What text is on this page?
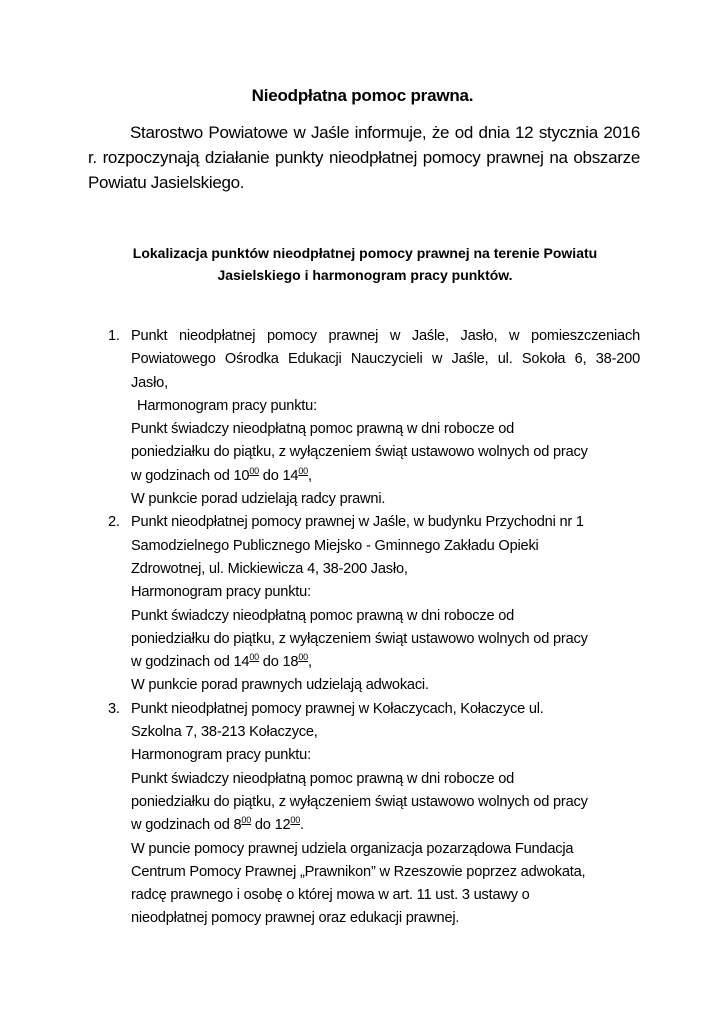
Nieodpłatna pomoc prawna.

Starostwo Powiatowe w Jaśle informuje, że od dnia 12 stycznia 2016 r. rozpoczynają działanie punkty nieodpłatnej pomocy prawnej na obszarze Powiatu Jasielskiego.

Lokalizacja punktów nieodpłatnej pomocy prawnej na terenie Powiatu
Jasielskiego i harmonogram pracy punktów.
1. Punkt nieodpłatnej pomocy prawnej w Jaśle, Jasło, w pomieszczeniach
Powiatowego Ośrodka Edukacji Nauczycieli w Jaśle, ul. Sokoła 6, 38-200
Jasło,
Harmonogram pracy punktu:
Punkt świadczy nieodpłatną pomoc prawną w dni robocze od
poniedziałku do piątku, z wyłączeniem świąt ustawowo wolnych od pracy
w godzinach od $10^{00}$ do $14^{00}$,
W punkcie porad udzielają radcy prawni.
2. Punkt nieodpłatnej pomocy prawnej w Jaśle, w budynku Przychodni nr 1
Samodzielnego Publicznego Miejsko - Gminnego Zakładu Opieki
Zdrowotnej, ul. Mickiewicza 4, 38-200 Jasło,
Harmonogram pracy punktu:
Punkt świadczy nieodpłatną pomoc prawną w dni robocze od
poniedziałku do piątku, z wyłączeniem świąt ustawowo wolnych od pracy
w godzinach od $14^{00}$ do $18^{00}$,
W punkcie porad prawnych udzielają adwokaci.
3. Punkt nieodpłatnej pomocy prawnej w Kołaczycach, Kołaczyce ul.
Szkolna 7, 38-213 Kołaczyce,
Harmonogram pracy punktu:
Punkt świadczy nieodpłatną pomoc prawną w dni robocze od
poniedziałku do piątku, z wyłączeniem świąt ustawowo wolnych od pracy
w godzinach od $8^{00}$ do $12^{00}$.
W puncie pomocy prawnej udziela organizacja pozarządowa Fundacja
Centrum Pomocy Prawnej „Prawnikon” w Rzeszowie poprzez adwokata,
radcę prawnego i osobę o której mowa w art. 11 ust. 3 ustawy o
nieodpłatnej pomocy prawnej oraz edukacji prawnej.
